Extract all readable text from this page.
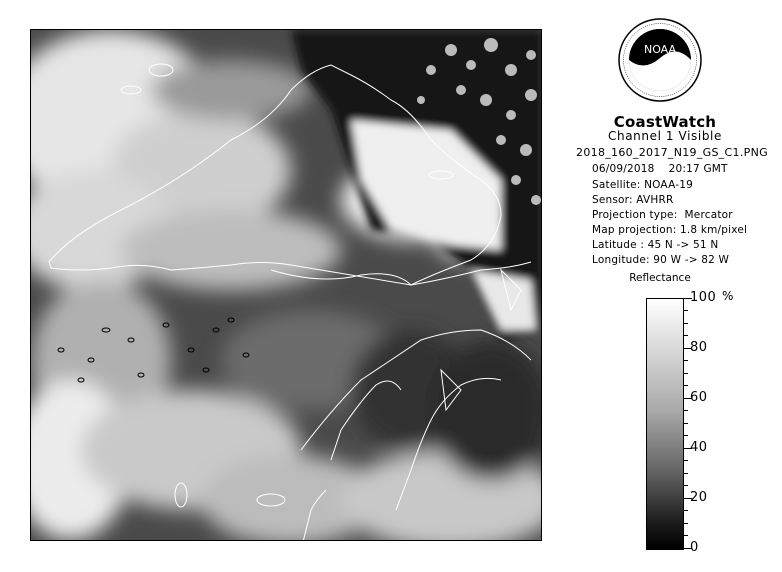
NOAA
CoastWatch
Channel 1 Visible
2018_160_2017_N19_GS_C1.PNG
06/09/2018    20:17 GMT
Satellite: NOAA-19
Sensor: AVHRR
Projection type:  Mercator
Map projection: 1.8 km/pixel
Latitude : 45 N -> 51 N
Longitude: 90 W -> 82 W
Reflectance
%
100
80
60
40
20
0
